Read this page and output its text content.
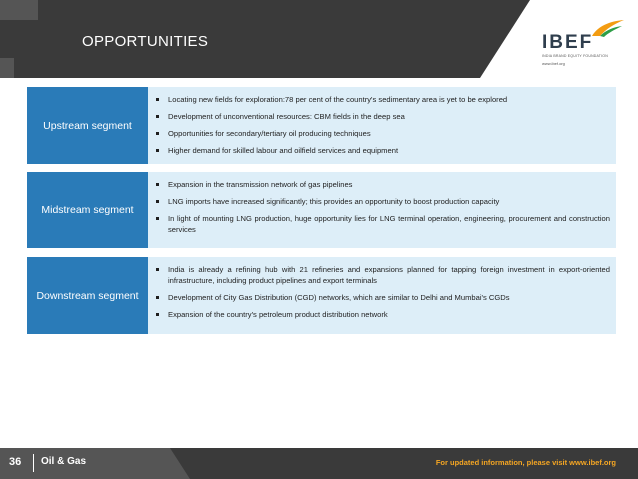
OPPORTUNITIES	IBEF
INDIA BRAND EQUITY FOUNDATION
www.ibef.org
Upstream segment
Locating new fields for exploration:78 per cent of the country's sedimentary area is yet to be explored
Development of unconventional resources: CBM fields in the deep sea
Opportunities for secondary/tertiary oil producing techniques
Higher demand for skilled labour and oilfield services and equipment
Midstream segment
Expansion in the transmission network of gas pipelines
LNG imports have increased significantly; this provides an opportunity to boost production capacity
In light of mounting LNG production, huge opportunity lies for LNG terminal operation, engineering, procurement and construction services
Downstream segment
India is already a refining hub with 21 refineries and expansions planned for tapping foreign investment in export-oriented infrastructure, including product pipelines and export terminals
Development of City Gas Distribution (CGD) networks, which are similar to Delhi and Mumbai's CGDs
Expansion of the country's petroleum product distribution network
36 Oil & Gas	For updated information, please visit www.ibef.org
